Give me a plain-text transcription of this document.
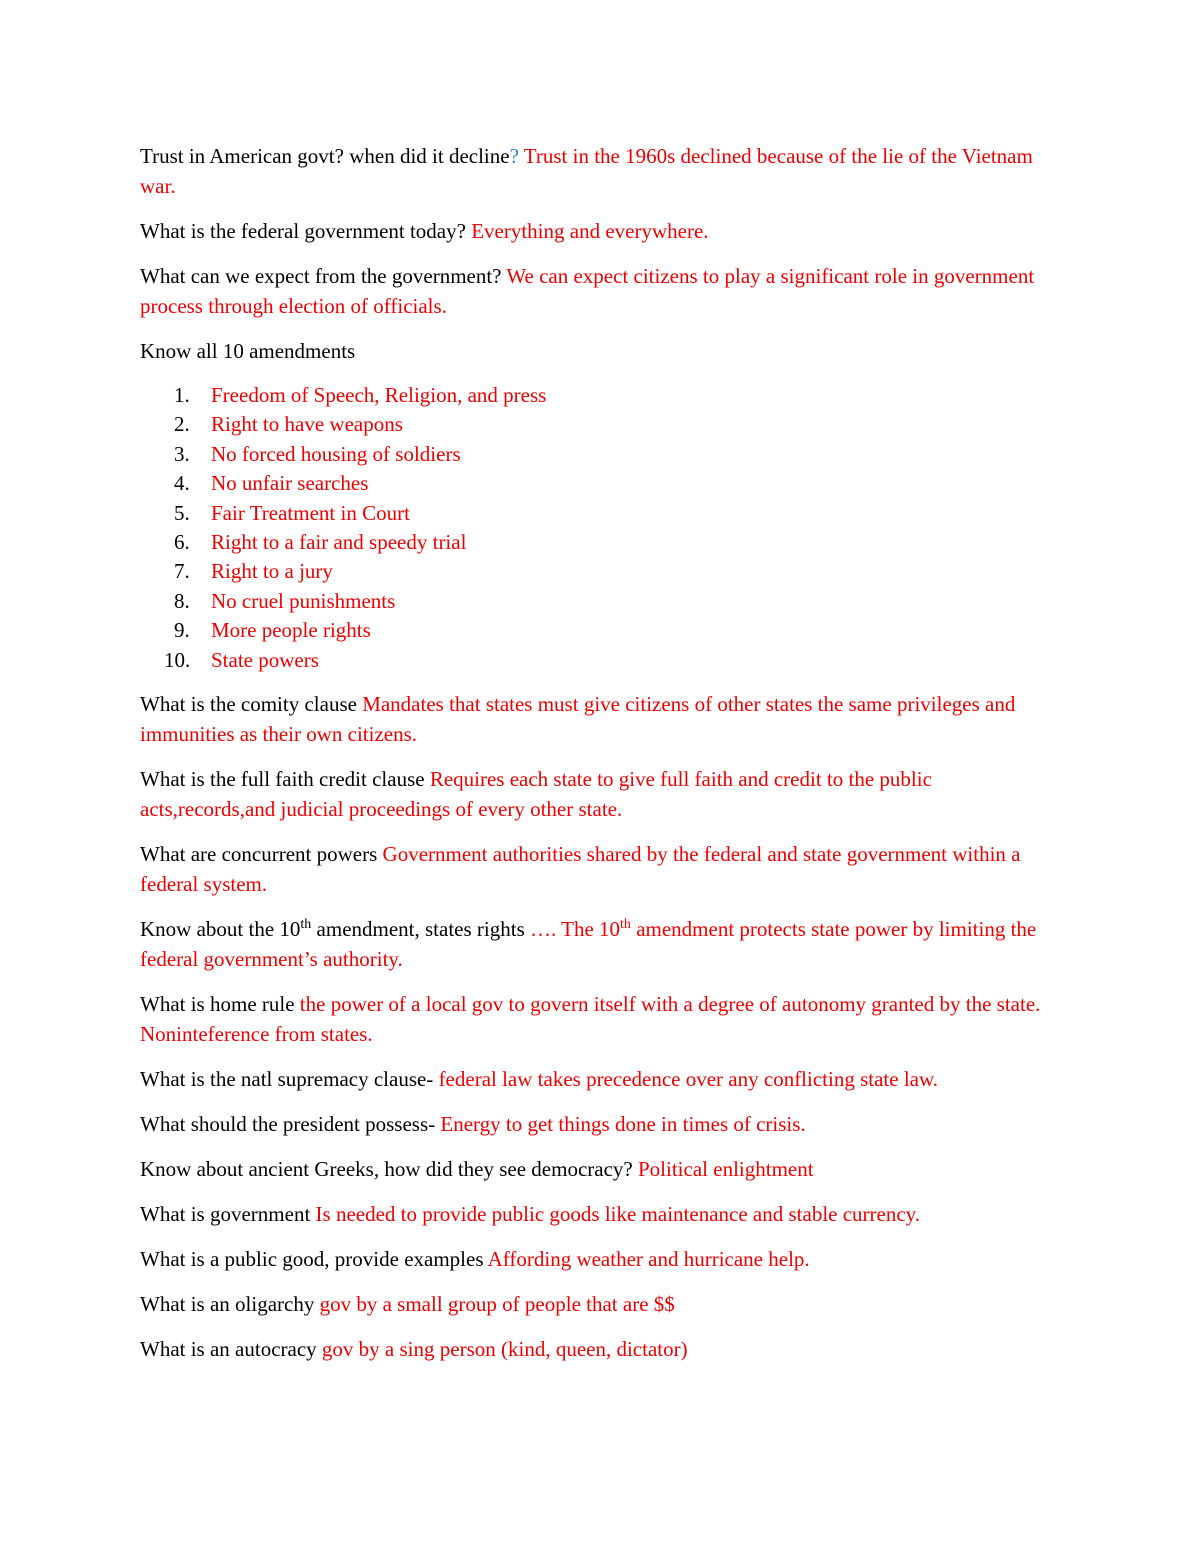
Trust in American govt? when did it decline? Trust in the 1960s declined because of the lie of the Vietnam war.

What is the federal government today? Everything and everywhere.

What can we expect from the government? We can expect citizens to play a significant role in government process through election of officials.

Know all 10 amendments

1. Freedom of Speech, Religion, and press
2. Right to have weapons
3. No forced housing of soldiers
4. No unfair searches
5. Fair Treatment in Court
6. Right to a fair and speedy trial
7. Right to a jury
8. No cruel punishments
9. More people rights
10. State powers

What is the comity clause Mandates that states must give citizens of other states the same privileges and immunities as their own citizens.

What is the full faith credit clause Requires each state to give full faith and credit to the public acts,records,and judicial proceedings of every other state.

What are concurrent powers Government authorities shared by the federal and state government within a federal system.

Know about the 10th amendment, states rights …. The 10th amendment protects state power by limiting the federal government’s authority.

What is home rule the power of a local gov to govern itself with a degree of autonomy granted by the state. Noninteference from states.

What is the natl supremacy clause- federal law takes precedence over any conflicting state law.

What should the president possess- Energy to get things done in times of crisis.

Know about ancient Greeks, how did they see democracy? Political enlightment

What is government Is needed to provide public goods like maintenance and stable currency.

What is a public good, provide examples Affording weather and hurricane help.

What is an oligarchy gov by a small group of people that are $$

What is an autocracy gov by a sing person (kind, queen, dictator)
